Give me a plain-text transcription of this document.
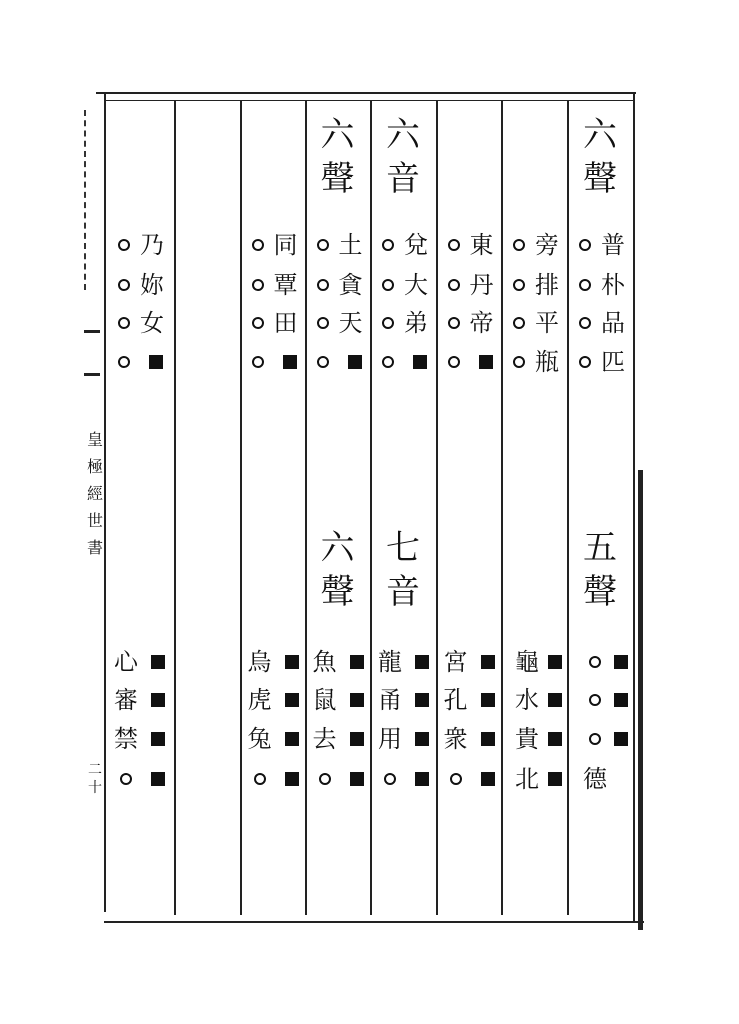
皇
極
經
世
書
二
十
六
聲
五
聲
普
朴
品
匹
德
旁
排
平
瓶
龜
水
貴
北
東
丹
帝
宮
孔
衆
六
音
七
音
兌
大
弟
龍
甬
用
六
聲
六
聲
土
貪
天
魚
鼠
去
同
覃
田
烏
虎
兔
乃
妳
女
心
審
禁
